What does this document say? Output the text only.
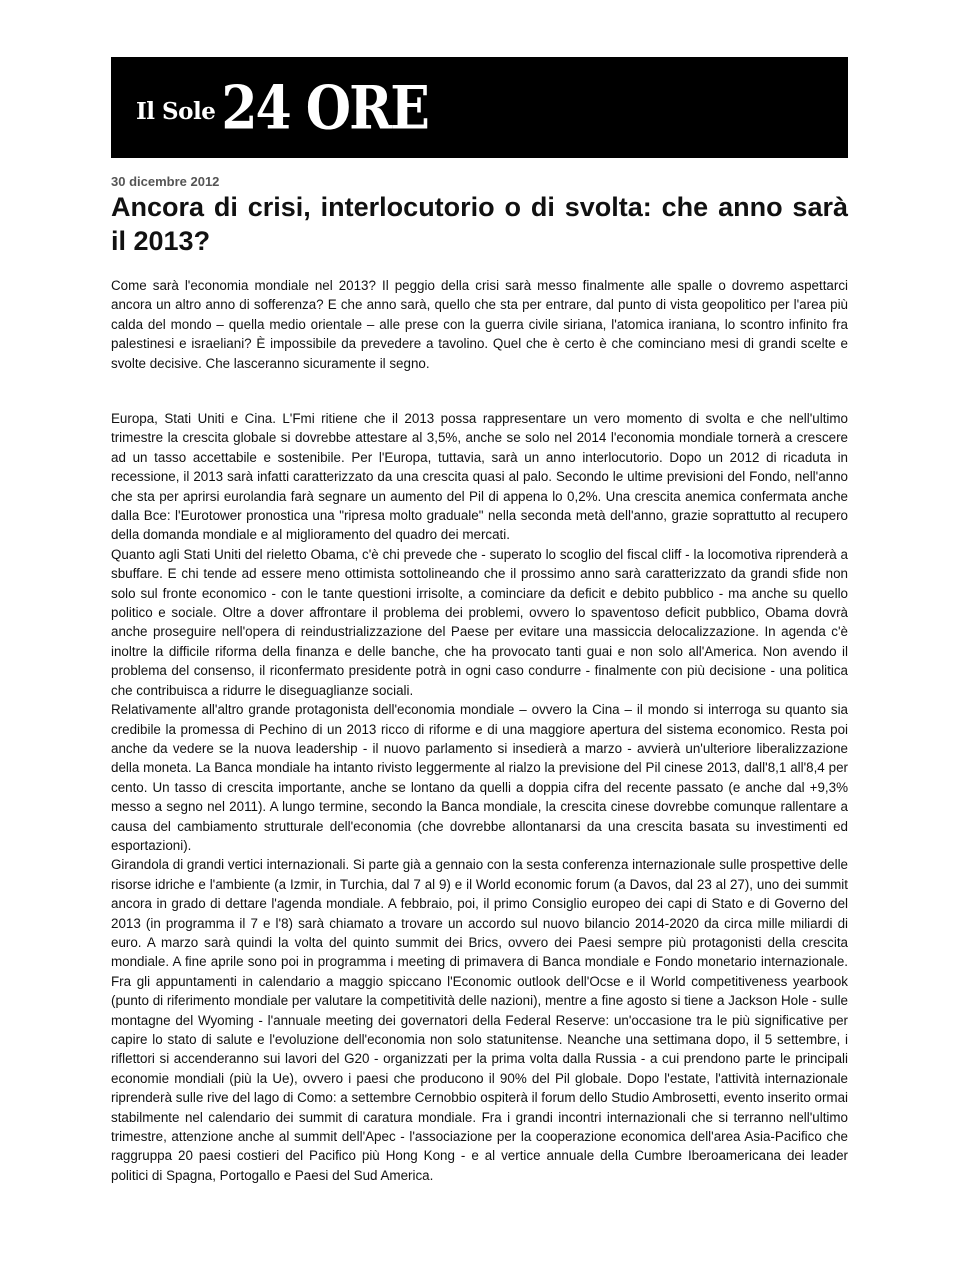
Il Sole 24 ORE
30 dicembre 2012
Ancora di crisi, interlocutorio o di svolta: che anno sarà il 2013?

Come sarà l'economia mondiale nel 2013? Il peggio della crisi sarà messo finalmente alle spalle o dovremo aspettarci ancora un altro anno di sofferenza? E che anno sarà, quello che sta per entrare, dal punto di vista geopolitico per l'area più calda del mondo – quella medio orientale – alle prese con la guerra civile siriana, l'atomica iraniana, lo scontro infinito fra palestinesi e israeliani? È impossibile da prevedere a tavolino. Quel che è certo è che cominciano mesi di grandi scelte e svolte decisive. Che lasceranno sicuramente il segno.

Europa, Stati Uniti e Cina. L'Fmi ritiene che il 2013 possa rappresentare un vero momento di svolta e che nell'ultimo trimestre la crescita globale si dovrebbe attestare al 3,5%, anche se solo nel 2014 l'economia mondiale tornerà a crescere ad un tasso accettabile e sostenibile. Per l'Europa, tuttavia, sarà un anno interlocutorio. Dopo un 2012 di ricaduta in recessione, il 2013 sarà infatti caratterizzato da una crescita quasi al palo. Secondo le ultime previsioni del Fondo, nell'anno che sta per aprirsi eurolandia farà segnare un aumento del Pil di appena lo 0,2%. Una crescita anemica confermata anche dalla Bce: l'Eurotower pronostica una "ripresa molto graduale" nella seconda metà dell'anno, grazie soprattutto al recupero della domanda mondiale e al miglioramento del quadro dei mercati.

Quanto agli Stati Uniti del rieletto Obama, c'è chi prevede che - superato lo scoglio del fiscal cliff - la locomotiva riprenderà a sbuffare. E chi tende ad essere meno ottimista sottolineando che il prossimo anno sarà caratterizzato da grandi sfide non solo sul fronte economico - con le tante questioni irrisolte, a cominciare da deficit e debito pubblico - ma anche su quello politico e sociale. Oltre a dover affrontare il problema dei problemi, ovvero lo spaventoso deficit pubblico, Obama dovrà anche proseguire nell'opera di reindustrializzazione del Paese per evitare una massiccia delocalizzazione. In agenda c'è inoltre la difficile riforma della finanza e delle banche, che ha provocato tanti guai e non solo all'America. Non avendo il problema del consenso, il riconfermato presidente potrà in ogni caso condurre - finalmente con più decisione - una politica che contribuisca a ridurre le diseguaglianze sociali.

Relativamente all'altro grande protagonista dell'economia mondiale – ovvero la Cina – il mondo si interroga su quanto sia credibile la promessa di Pechino di un 2013 ricco di riforme e di una maggiore apertura del sistema economico. Resta poi anche da vedere se la nuova leadership - il nuovo parlamento si insedierà a marzo - avvierà un'ulteriore liberalizzazione della moneta. La Banca mondiale ha intanto rivisto leggermente al rialzo la previsione del Pil cinese 2013, dall'8,1 all'8,4 per cento. Un tasso di crescita importante, anche se lontano da quelli a doppia cifra del recente passato (e anche dal +9,3% messo a segno nel 2011). A lungo termine, secondo la Banca mondiale, la crescita cinese dovrebbe comunque rallentare a causa del cambiamento strutturale dell'economia (che dovrebbe allontanarsi da una crescita basata su investimenti ed esportazioni).

Girandola di grandi vertici internazionali. Si parte già a gennaio con la sesta conferenza internazionale sulle prospettive delle risorse idriche e l'ambiente (a Izmir, in Turchia, dal 7 al 9) e il World economic forum (a Davos, dal 23 al 27), uno dei summit ancora in grado di dettare l'agenda mondiale. A febbraio, poi, il primo Consiglio europeo dei capi di Stato e di Governo del 2013 (in programma il 7 e l'8) sarà chiamato a trovare un accordo sul nuovo bilancio 2014-2020 da circa mille miliardi di euro. A marzo sarà quindi la volta del quinto summit dei Brics, ovvero dei Paesi sempre più protagonisti della crescita mondiale. A fine aprile sono poi in programma i meeting di primavera di Banca mondiale e Fondo monetario internazionale. Fra gli appuntamenti in calendario a maggio spiccano l'Economic outlook dell'Ocse e il World competitiveness yearbook (punto di riferimento mondiale per valutare la competitività delle nazioni), mentre a fine agosto si tiene a Jackson Hole - sulle montagne del Wyoming - l'annuale meeting dei governatori della Federal Reserve: un'occasione tra le più significative per capire lo stato di salute e l'evoluzione dell'economia non solo statunitense. Neanche una settimana dopo, il 5 settembre, i riflettori si accenderanno sui lavori del G20 - organizzati per la prima volta dalla Russia - a cui prendono parte le principali economie mondiali (più la Ue), ovvero i paesi che producono il 90% del Pil globale. Dopo l'estate, l'attività internazionale riprenderà sulle rive del lago di Como: a settembre Cernobbio ospiterà il forum dello Studio Ambrosetti, evento inserito ormai stabilmente nel calendario dei summit di caratura mondiale. Fra i grandi incontri internazionali che si terranno nell'ultimo trimestre, attenzione anche al summit dell'Apec - l'associazione per la cooperazione economica dell'area Asia-Pacifico che raggruppa 20 paesi costieri del Pacifico più Hong Kong - e al vertice annuale della Cumbre Iberoamericana dei leader politici di Spagna, Portogallo e Paesi del Sud America.
